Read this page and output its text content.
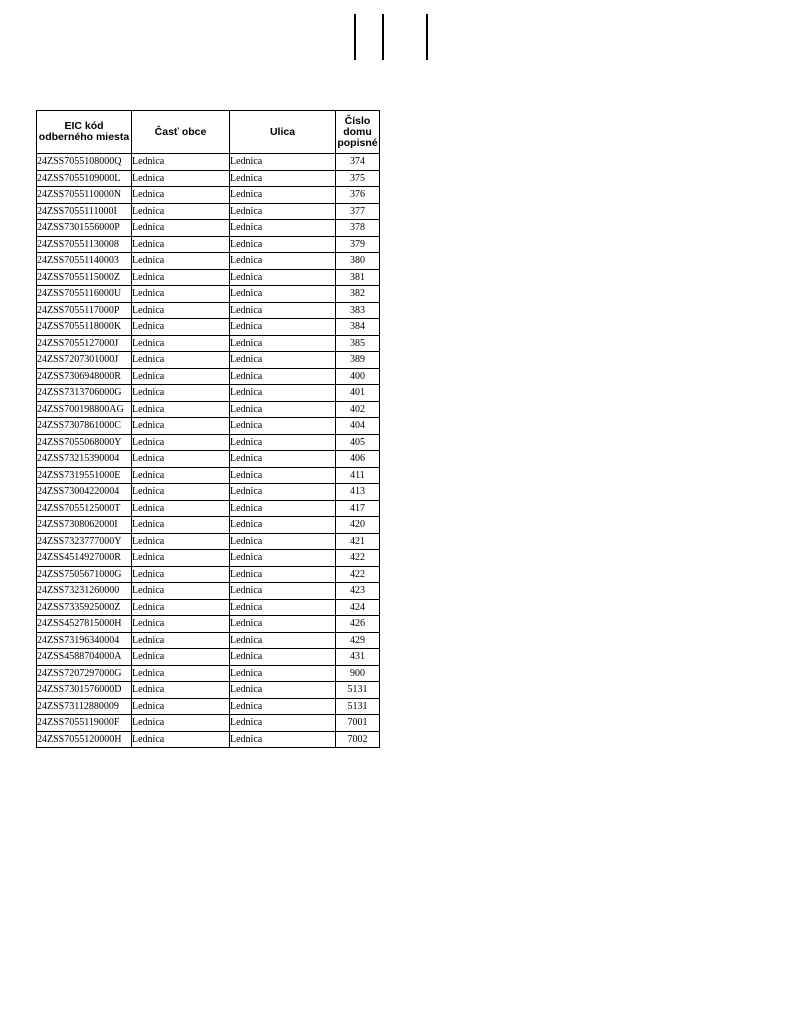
EIC kód odberného miesta	Časť obce	Ulica	Číslo domu popisné
24ZSS7055108000Q	Lednica	Lednica	374
24ZSS7055109000L	Lednica	Lednica	375
24ZSS7055110000N	Lednica	Lednica	376
24ZSS7055111000I	Lednica	Lednica	377
24ZSS7301556000P	Lednica	Lednica	378
24ZSS70551130008	Lednica	Lednica	379
24ZSS70551140003	Lednica	Lednica	380
24ZSS7055115000Z	Lednica	Lednica	381
24ZSS7055116000U	Lednica	Lednica	382
24ZSS7055117000P	Lednica	Lednica	383
24ZSS7055118000K	Lednica	Lednica	384
24ZSS7055127000J	Lednica	Lednica	385
24ZSS7207301000J	Lednica	Lednica	389
24ZSS7306948000R	Lednica	Lednica	400
24ZSS7313706000G	Lednica	Lednica	401
24ZSS700198800AG	Lednica	Lednica	402
24ZSS7307861000C	Lednica	Lednica	404
24ZSS7055068000Y	Lednica	Lednica	405
24ZSS73215390004	Lednica	Lednica	406
24ZSS7319551000E	Lednica	Lednica	411
24ZSS73004220004	Lednica	Lednica	413
24ZSS7055125000T	Lednica	Lednica	417
24ZSS7308062000I	Lednica	Lednica	420
24ZSS7323777000Y	Lednica	Lednica	421
24ZSS4514927000R	Lednica	Lednica	422
24ZSS7505671000G	Lednica	Lednica	422
24ZSS73231260000	Lednica	Lednica	423
24ZSS7335925000Z	Lednica	Lednica	424
24ZSS4527815000H	Lednica	Lednica	426
24ZSS73196340004	Lednica	Lednica	429
24ZSS4588704000A	Lednica	Lednica	431
24ZSS7207297000G	Lednica	Lednica	900
24ZSS7301576000D	Lednica	Lednica	5131
24ZSS73112880009	Lednica	Lednica	5131
24ZSS7055119000F	Lednica	Lednica	7001
24ZSS7055120000H	Lednica	Lednica	7002
